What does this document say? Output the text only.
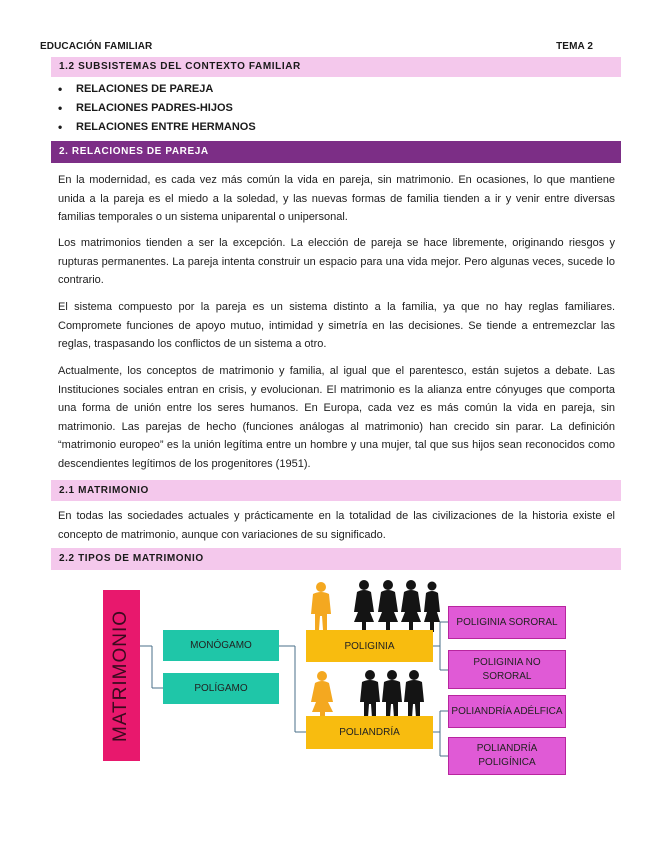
EDUCACIÓN FAMILIAR	TEMA 2
1.2 SUBSISTEMAS DEL CONTEXTO FAMILIAR
• RELACIONES DE PAREJA
• RELACIONES PADRES-HIJOS
• RELACIONES ENTRE HERMANOS
2. RELACIONES DE PAREJA

En la modernidad, es cada vez más común la vida en pareja, sin matrimonio. En ocasiones, lo que mantiene unida a la pareja es el miedo a la soledad, y las nuevas formas de familia tienden a ir y venir entre diversas familias temporales o un sistema uniparental o unipersonal.

Los matrimonios tienden a ser la excepción. La elección de pareja se hace libremente, originando riesgos y rupturas permanentes. La pareja intenta construir un espacio para una vida mejor. Pero algunas veces, sucede lo contrario.

El sistema compuesto por la pareja es un sistema distinto a la familia, ya que no hay reglas familiares. Compromete funciones de apoyo mutuo, intimidad y simetría en las decisiones. Se tiende a entremezclar las reglas, traspasando los conflictos de un sistema a otro.

Actualmente, los conceptos de matrimonio y familia, al igual que el parentesco, están sujetos a debate. Las Instituciones sociales entran en crisis, y evolucionan. El matrimonio es la alianza entre cónyuges que comporta una forma de unión entre los seres humanos. En Europa, cada vez es más común la vida en pareja, sin matrimonio. Las parejas de hecho (funciones análogas al matrimonio) han crecido sin parar. La definición “matrimonio europeo” es la unión legítima entre un hombre y una mujer, tal que sus hijos sean reconocidos como descendientes legítimos de los progenitores (1951).

2.1 MATRIMONIO

En todas las sociedades actuales y prácticamente en la totalidad de las civilizaciones de la historia existe el concepto de matrimonio, aunque con variaciones de su significado.

2.2 TIPOS DE MATRIMONIO
MATRIMONIO	MONÓGAMO
POLÍGAMO
POLIGINIA
POLIANDRÍA
POLIGINIA SORORAL
POLIGINIA NO SORORAL
POLIANDRÍA ADÉLFICA
POLIANDRÍA POLIGÍNICA
